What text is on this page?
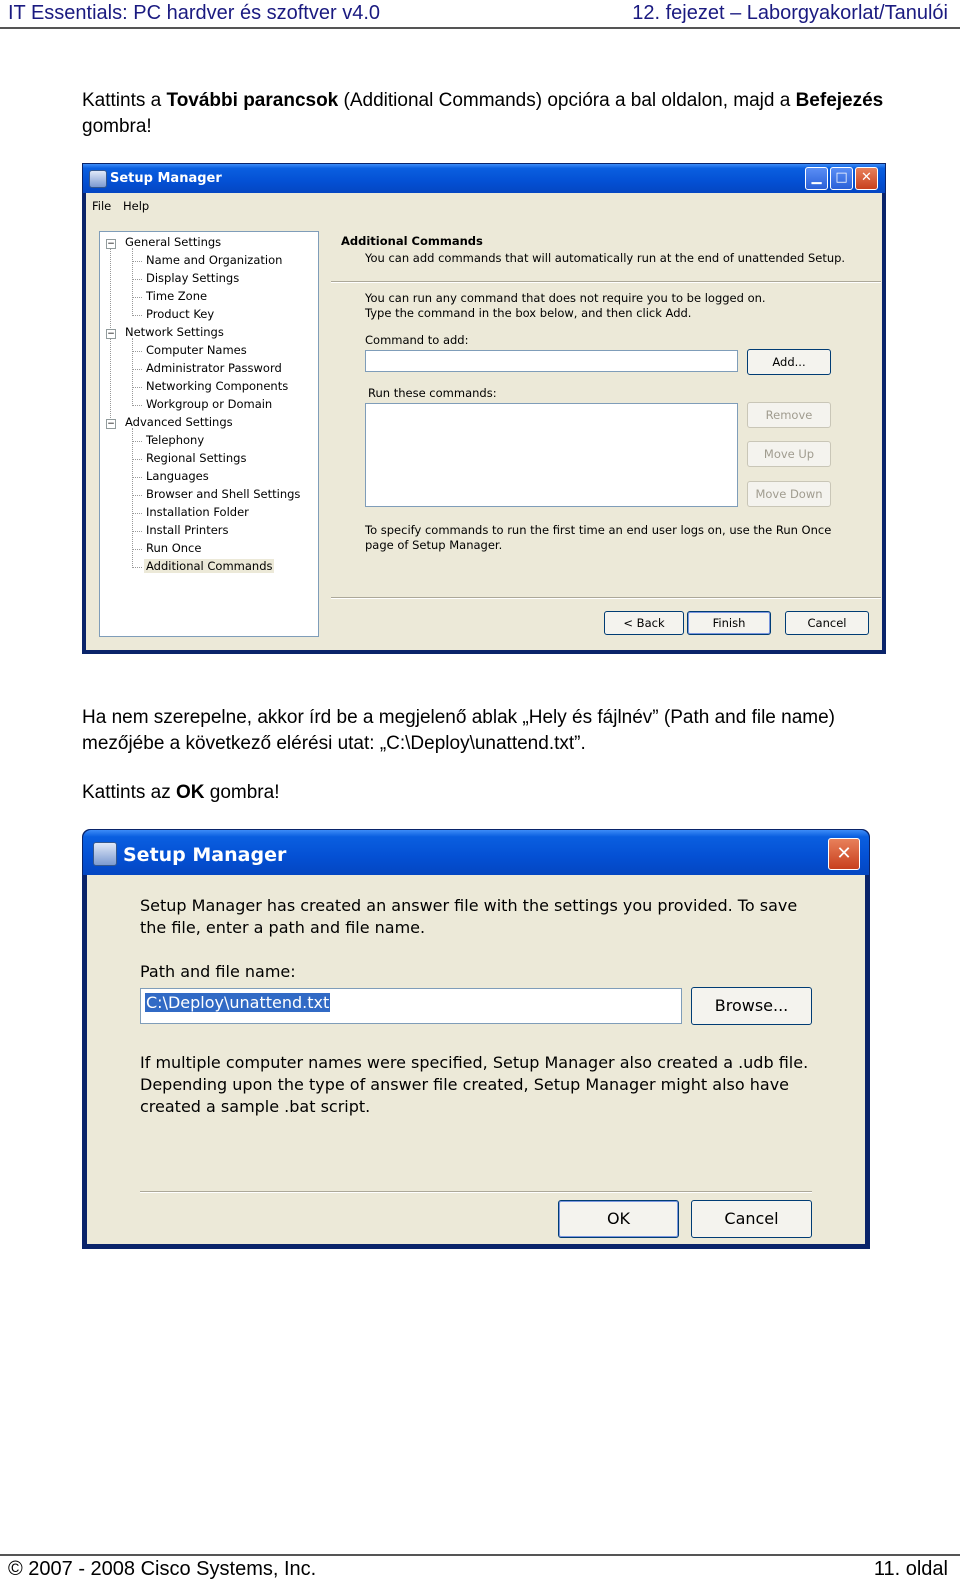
IT Essentials: PC hardver és szoftver v4.0	12. fejezet – Laborgyakorlat/Tanulói
Kattints a További parancsok (Additional Commands) opcióra a bal oldalon, majd a Befejezés gombra!
Setup Manager	▁	□	✕
File Help
General Settings
−
Name and Organization
Display Settings
Time Zone
Product Key
Network Settings
−
Computer Names
Administrator Password
Networking Components
Workgroup or Domain
Advanced Settings
−
Telephony
Regional Settings
Languages
Browser and Shell Settings
Installation Folder
Install Printers
Run Once
Additional Commands
Additional Commands
You can add commands that will automatically run at the end of unattended Setup.
You can run any command that does not require you to be logged on. Type the command in the box below, and then click Add.
Command to add:
Add...
Run these commands:
Remove
Move Up
Move Down
To specify commands to run the first time an end user logs on, use the Run Once page of Setup Manager.
< Back	Finish	Cancel
Ha nem szerepelne, akkor írd be a megjelenő ablak „Hely és fájlnév” (Path and file name) mezőjébe a következő elérési utat: „C:\Deploy\unattend.txt”.
Kattints az OK gombra!
Setup Manager	✕
Setup Manager has created an answer file with the settings you provided. To save the file, enter a path and file name.
Path and file name:
C:\Deploy\unattend.txt	Browse...
If multiple computer names were specified, Setup Manager also created a .udb file. Depending upon the type of answer file created, Setup Manager might also have created a sample .bat script.
OK	Cancel
© 2007 - 2008 Cisco Systems, Inc.	11. oldal
